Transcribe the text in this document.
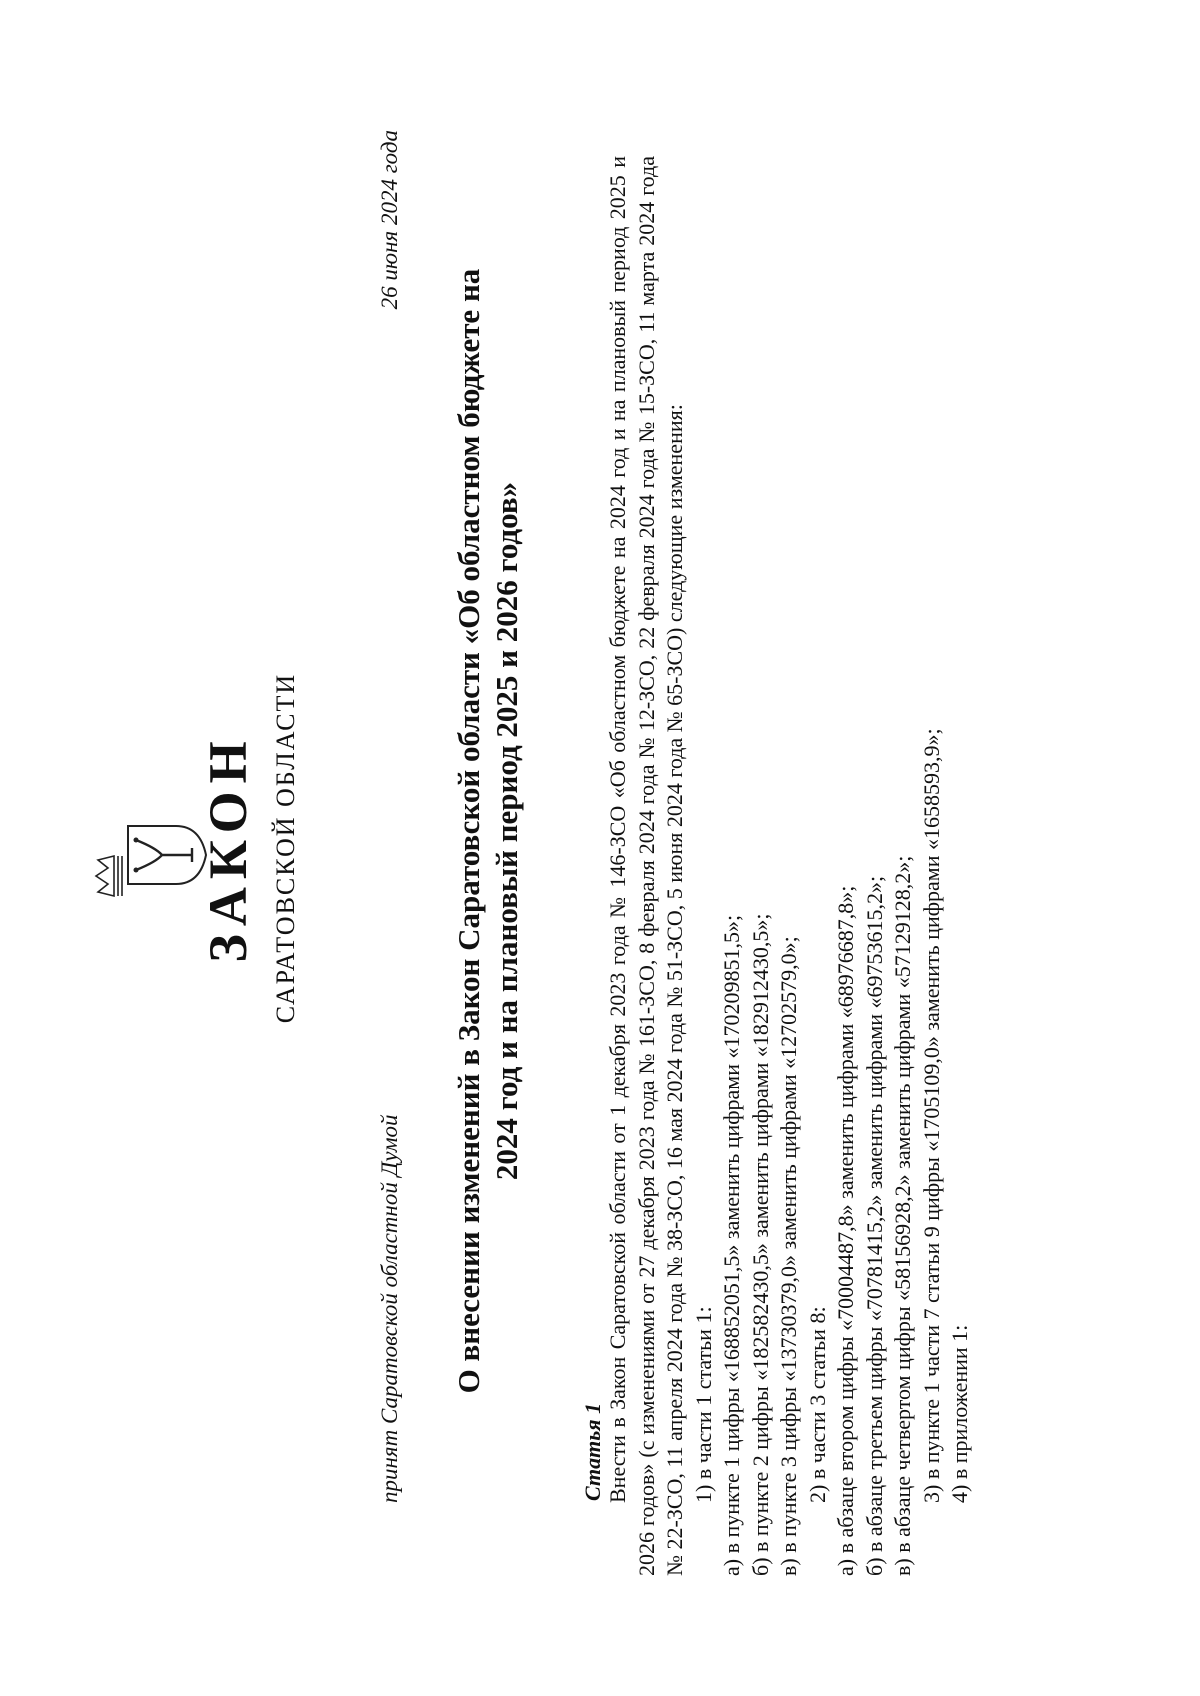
ЗАКОН САРАТОВСКОЙ ОБЛАСТИ
принят Саратовской областной Думой
26 июня 2024 года
О внесении изменений в Закон Саратовской области «Об областном бюджете на 2024 год и на плановый период 2025 и 2026 годов»
Статья 1 Внести в Закон Саратовской области от 1 декабря 2023 года № 146-ЗСО «Об областном бюджете на 2024 год и на плановый период 2025 и 2026 годов» (с изменениями от 27 декабря 2023 года № 161-ЗСО, 8 февраля 2024 года № 12-ЗСО, 22 февраля 2024 года № 15-ЗСО, 11 марта 2024 года № 22-ЗСО, 11 апреля 2024 года № 38-ЗСО, 16 мая 2024 года № 51-ЗСО, 5 июня 2024 года № 65-ЗСО) следующие изменения: 1) в части 1 статьи 1: а) в пункте 1 цифры «168852051,5» заменить цифрами «170209851,5»; б) в пункте 2 цифры «182582430,5» заменить цифрами «182912430,5»; в) в пункте 3 цифры «13730379,0» заменить цифрами «12702579,0»; 2) в части 3 статьи 8: а) в абзаце втором цифры «70004487,8» заменить цифрами «68976687,8»; б) в абзаце третьем цифры «70781415,2» заменить цифрами «69753615,2»; в) в абзаце четвертом цифры «58156928,2» заменить цифрами «57129128,2»; 3) в пункте 1 части 7 статьи 9 цифры «1705109,0» заменить цифрами «1658593,9»; 4) в приложении 1:
